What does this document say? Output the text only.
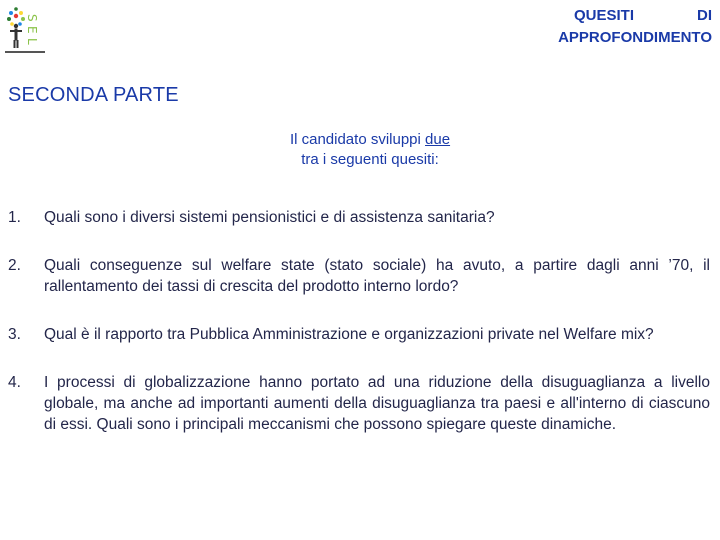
S
E
L
QUESITI	DI
APPROFONDIMENTO
SECONDA PARTE
Il candidato sviluppi due
tra i seguenti quesiti:
1.	Quali sono i diversi sistemi pensionistici e di assistenza sanitaria?
2.	Quali conseguenze sul welfare state (stato sociale) ha avuto, a partire dagli anni ’70, il rallentamento dei tassi di crescita del prodotto interno lordo?
3.	Qual è il rapporto tra Pubblica Amministrazione e organizzazioni private nel Welfare mix?
4.	I processi di globalizzazione hanno portato ad una riduzione della disuguaglianza a livello globale, ma anche ad importanti aumenti della disuguaglianza tra paesi e all'interno di ciascuno di essi. Quali sono i principali meccanismi che possono spiegare queste dinamiche.
